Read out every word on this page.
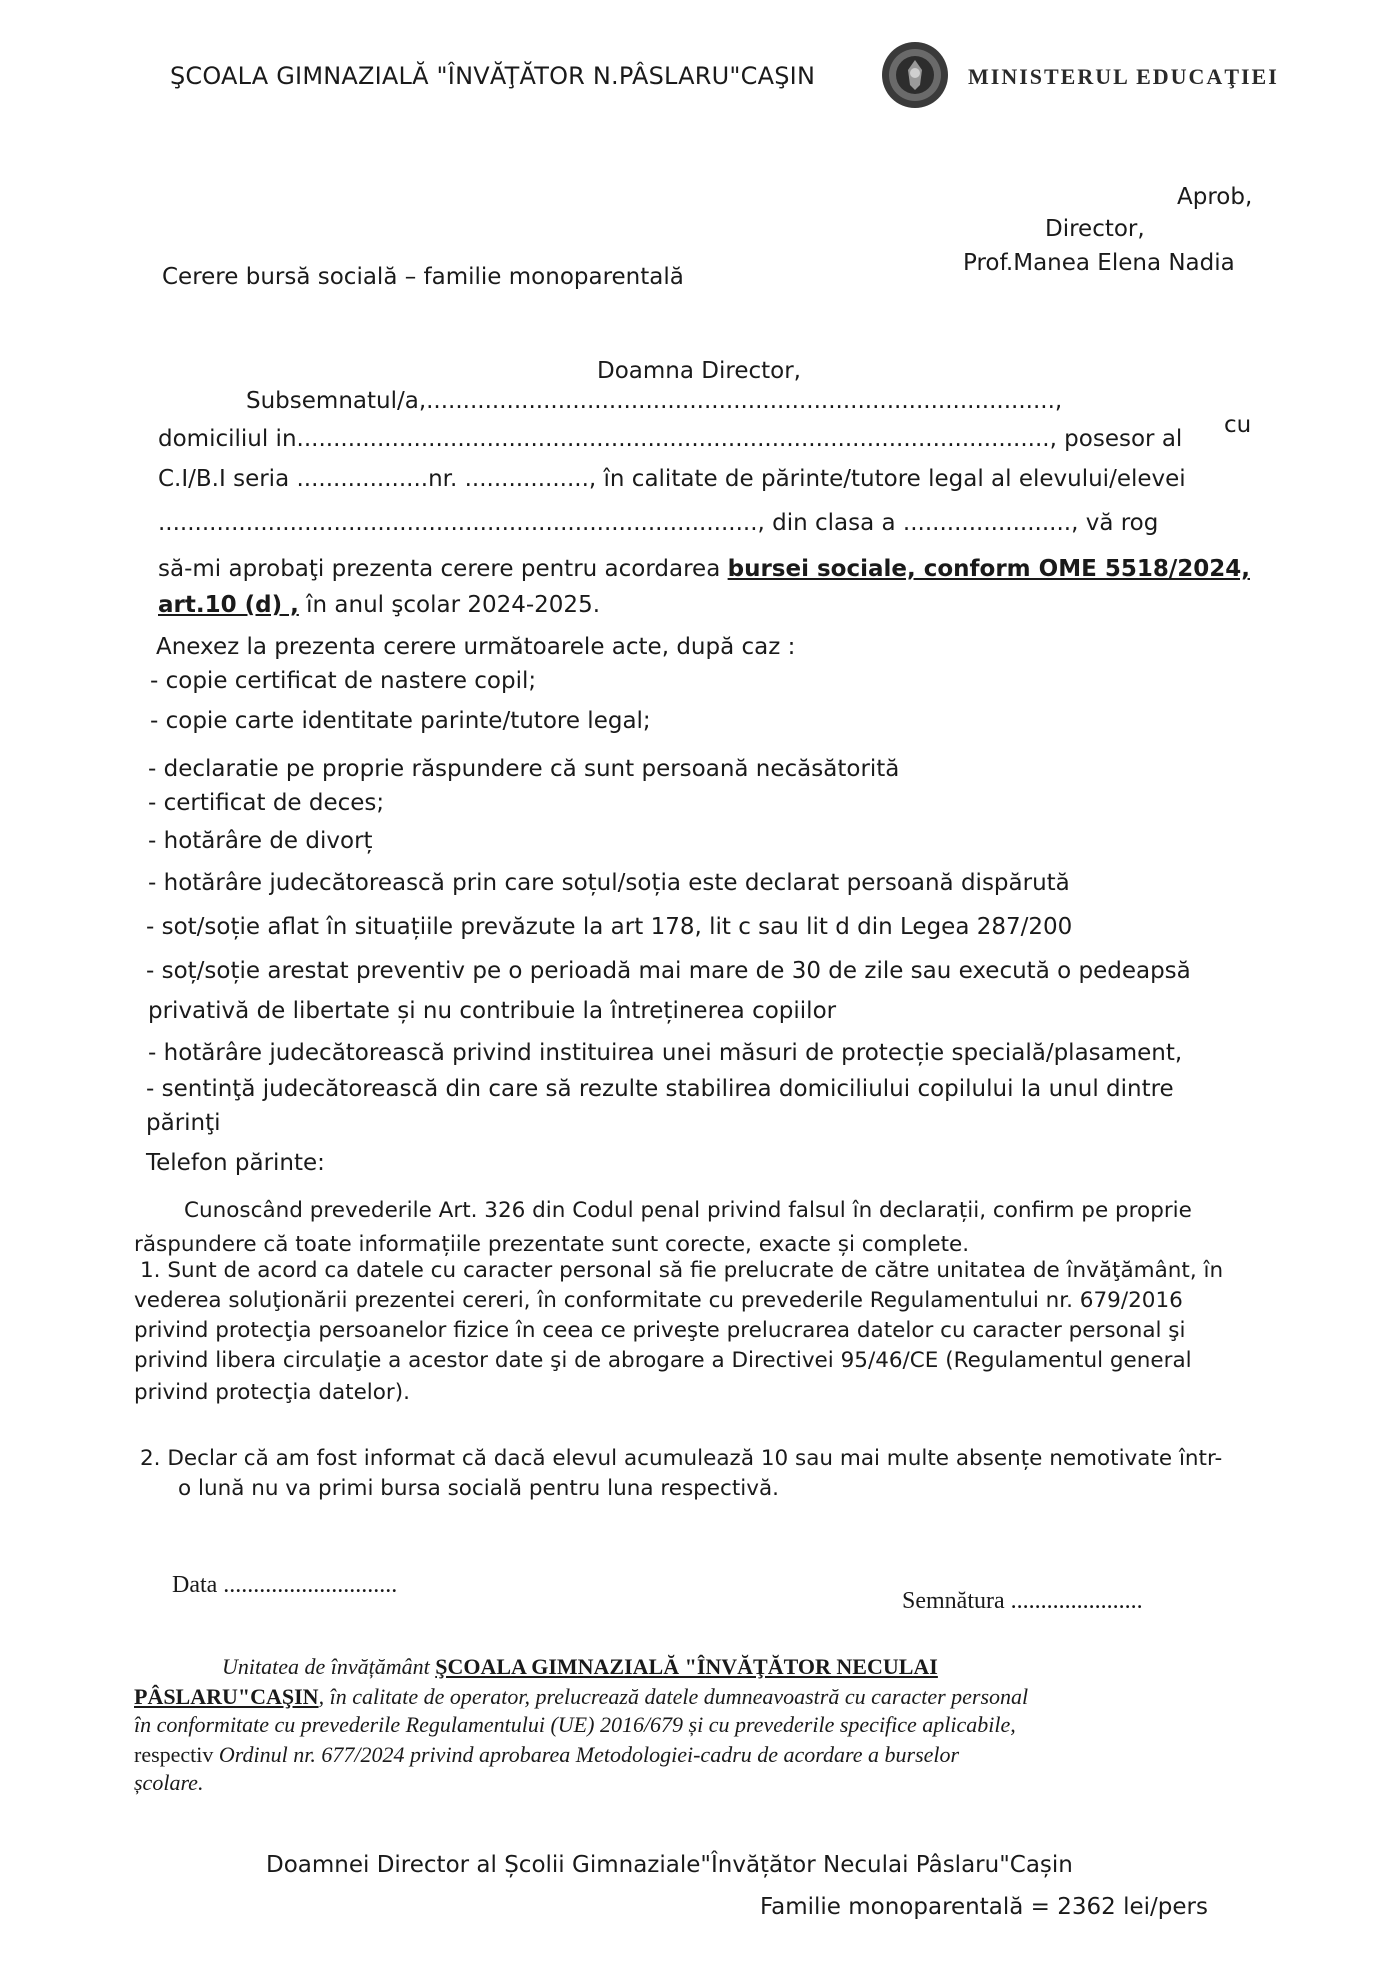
ŞCOALA GIMNAZIALĂ "ÎNVĂŢĂTOR N.PÂSLARU"CAŞIN	MINISTERUL EDUCAŢIEI
Aprob,
Director,
Prof.Manea Elena Nadia
Cerere bursă socială – familie monoparentală
Doamna Director,
Subsemnatul/a,......................................................................................,
cu
domiciliul in......................................................................................................., posesor al
C.I/B.I seria ..................nr. ................., în calitate de părinte/tutore legal al elevului/elevei
.................................................................................., din clasa a ......................., vă rog
să-mi aprobaţi prezenta cerere pentru acordarea bursei sociale, conform OME 5518/2024,
art.10 (d) , în anul şcolar 2024-2025.
Anexez la prezenta cerere următoarele acte, după caz :
- copie certificat de nastere copil;
- copie carte identitate parinte/tutore legal;
- declaratie pe proprie răspundere că sunt persoană necăsătorită
- certificat de deces;
- hotărâre de divorț
- hotărâre judecătorească prin care soțul/soția este declarat persoană dispărută
- sot/soție aflat în situațiile prevăzute la art 178, lit c sau lit d din Legea 287/200
- soț/soție arestat preventiv pe o perioadă mai mare de 30 de zile sau execută o pedeapsă
privativă de libertate și nu contribuie la întreținerea copiilor
- hotărâre judecătorească privind instituirea unei măsuri de protecție specială/plasament,
- sentinţă judecătorească din care să rezulte stabilirea domiciliului copilului la unul dintre
părinţi
Telefon părinte:
Cunoscând prevederile Art. 326 din Codul penal privind falsul în declarații, confirm pe proprie
răspundere că toate informațiile prezentate sunt corecte, exacte și complete.
1. Sunt de acord ca datele cu caracter personal să fie prelucrate de către unitatea de învăţământ, în
vederea soluţionării prezentei cereri, în conformitate cu prevederile Regulamentului nr. 679/2016
privind protecţia persoanelor fizice în ceea ce priveşte prelucrarea datelor cu caracter personal şi
privind libera circulaţie a acestor date şi de abrogare a Directivei 95/46/CE (Regulamentul general
privind protecţia datelor).
2. Declar că am fost informat că dacă elevul acumulează 10 sau mai multe absențe nemotivate într-
o lună nu va primi bursa socială pentru luna respectivă.
Data .............................
Semnătura ......................
Unitatea de învățământ ŞCOALA GIMNAZIALĂ "ÎNVĂŢĂTOR NECULAI
PÂSLARU"CAŞIN, în calitate de operator, prelucrează datele dumneavoastră cu caracter personal
în conformitate cu prevederile Regulamentului (UE) 2016/679 și cu prevederile specifice aplicabile,
respectiv Ordinul nr. 677/2024 privind aprobarea Metodologiei-cadru de acordare a burselor
școlare.
Doamnei Director al Școlii Gimnaziale"Învățător Neculai Pâslaru"Cașin
Familie monoparentală = 2362 lei/pers
